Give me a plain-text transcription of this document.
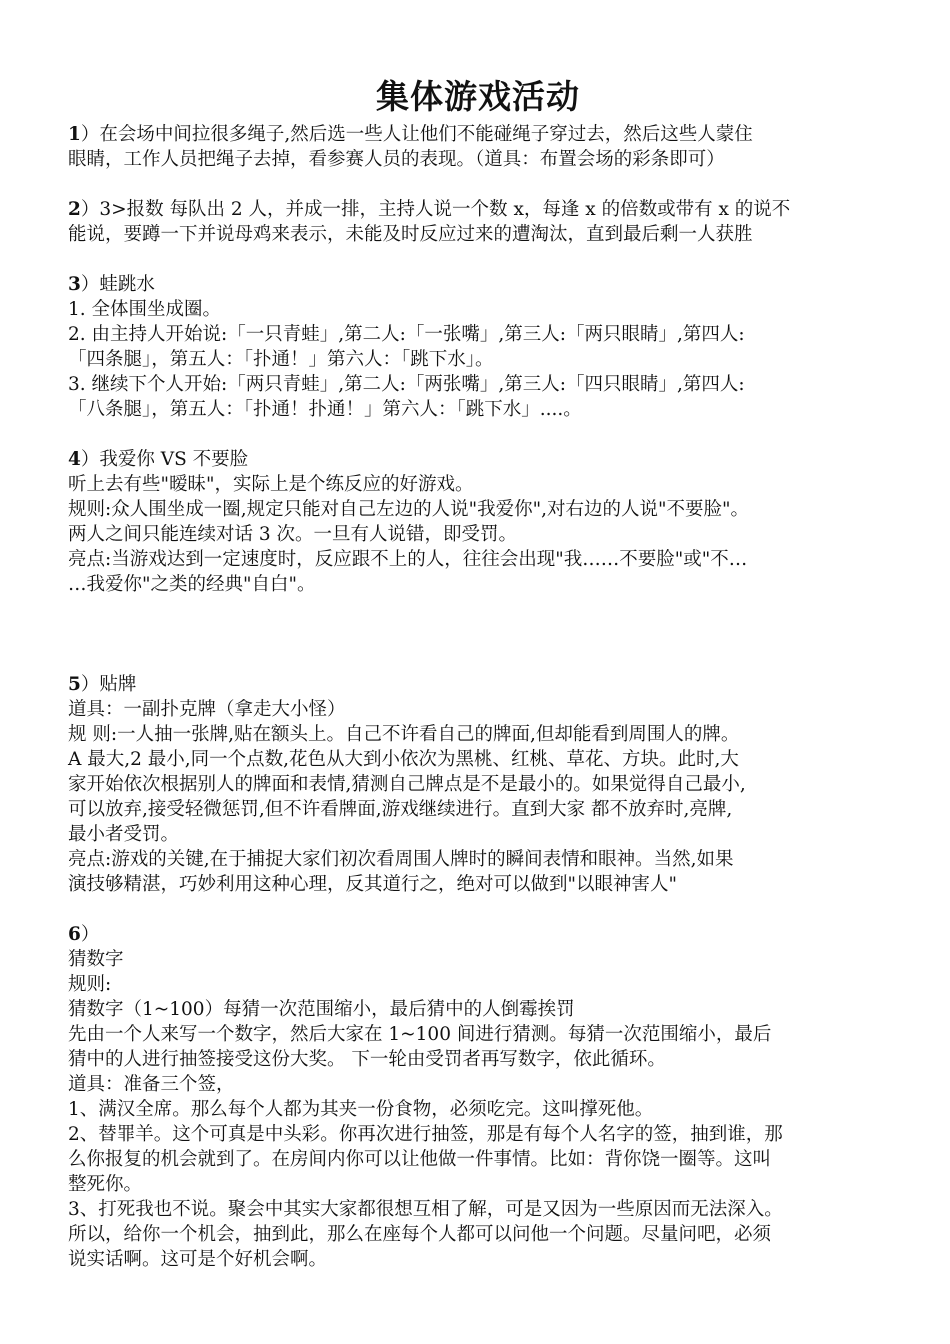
集体游戏活动

1）在会场中间拉很多绳子,然后选一些人让他们不能碰绳子穿过去，然后这些人蒙住

眼睛，工作人员把绳子去掉，看参赛人员的表现。（道具：布置会场的彩条即可）

2）3>报数 每队出 2 人，并成一排，主持人说一个数 x，每逢 x 的倍数或带有 x 的说不

能说，要蹲一下并说母鸡来表示，未能及时反应过来的遭淘汰，直到最后剩一人获胜

3）蛙跳水

1. 全体围坐成圈。

2. 由主持人开始说:「一只青蛙」,第二人:「一张嘴」,第三人:「两只眼睛」,第四人:

「四条腿」，第五人：「扑通！」第六人：「跳下水」。

3. 继续下个人开始:「两只青蛙」,第二人:「两张嘴」,第三人:「四只眼睛」,第四人:

「八条腿」，第五人：「扑通！扑通！」第六人：「跳下水」....。

4）我爱你 VS 不要脸

听上去有些"暧昧"，实际上是个练反应的好游戏。

规则:众人围坐成一圈,规定只能对自己左边的人说"我爱你",对右边的人说"不要脸"。

两人之间只能连续对话 3 次。一旦有人说错，即受罚。

亮点:当游戏达到一定速度时，反应跟不上的人，往往会出现"我……不要脸"或"不…

…我爱你"之类的经典"自白"。

5）贴牌

道具：一副扑克牌（拿走大小怪）

规 则:一人抽一张牌,贴在额头上。自己不许看自己的牌面,但却能看到周围人的牌。

A 最大,2 最小,同一个点数,花色从大到小依次为黑桃、红桃、草花、方块。此时,大

家开始依次根据别人的牌面和表情,猜测自己牌点是不是最小的。如果觉得自己最小,

可以放弃,接受轻微惩罚,但不许看牌面,游戏继续进行。直到大家 都不放弃时,亮牌,

最小者受罚。

亮点:游戏的关键,在于捕捉大家们初次看周围人牌时的瞬间表情和眼神。当然,如果

演技够精湛，巧妙利用这种心理，反其道行之，绝对可以做到"以眼神害人"

6）

猜数字

规则:

猜数字（1~100）每猜一次范围缩小，最后猜中的人倒霉挨罚

先由一个人来写一个数字，然后大家在 1~100 间进行猜测。每猜一次范围缩小，最后

猜中的人进行抽签接受这份大奖。 下一轮由受罚者再写数字，依此循环。

道具：准备三个签，

1、满汉全席。那么每个人都为其夹一份食物，必须吃完。这叫撑死他。

2、替罪羊。这个可真是中头彩。你再次进行抽签，那是有每个人名字的签，抽到谁，那

么你报复的机会就到了。在房间内你可以让他做一件事情。比如：背你饶一圈等。这叫

整死你。

3、打死我也不说。聚会中其实大家都很想互相了解，可是又因为一些原因而无法深入。

所以，给你一个机会，抽到此，那么在座每个人都可以问他一个问题。尽量问吧，必须

说实话啊。这可是个好机会啊。
